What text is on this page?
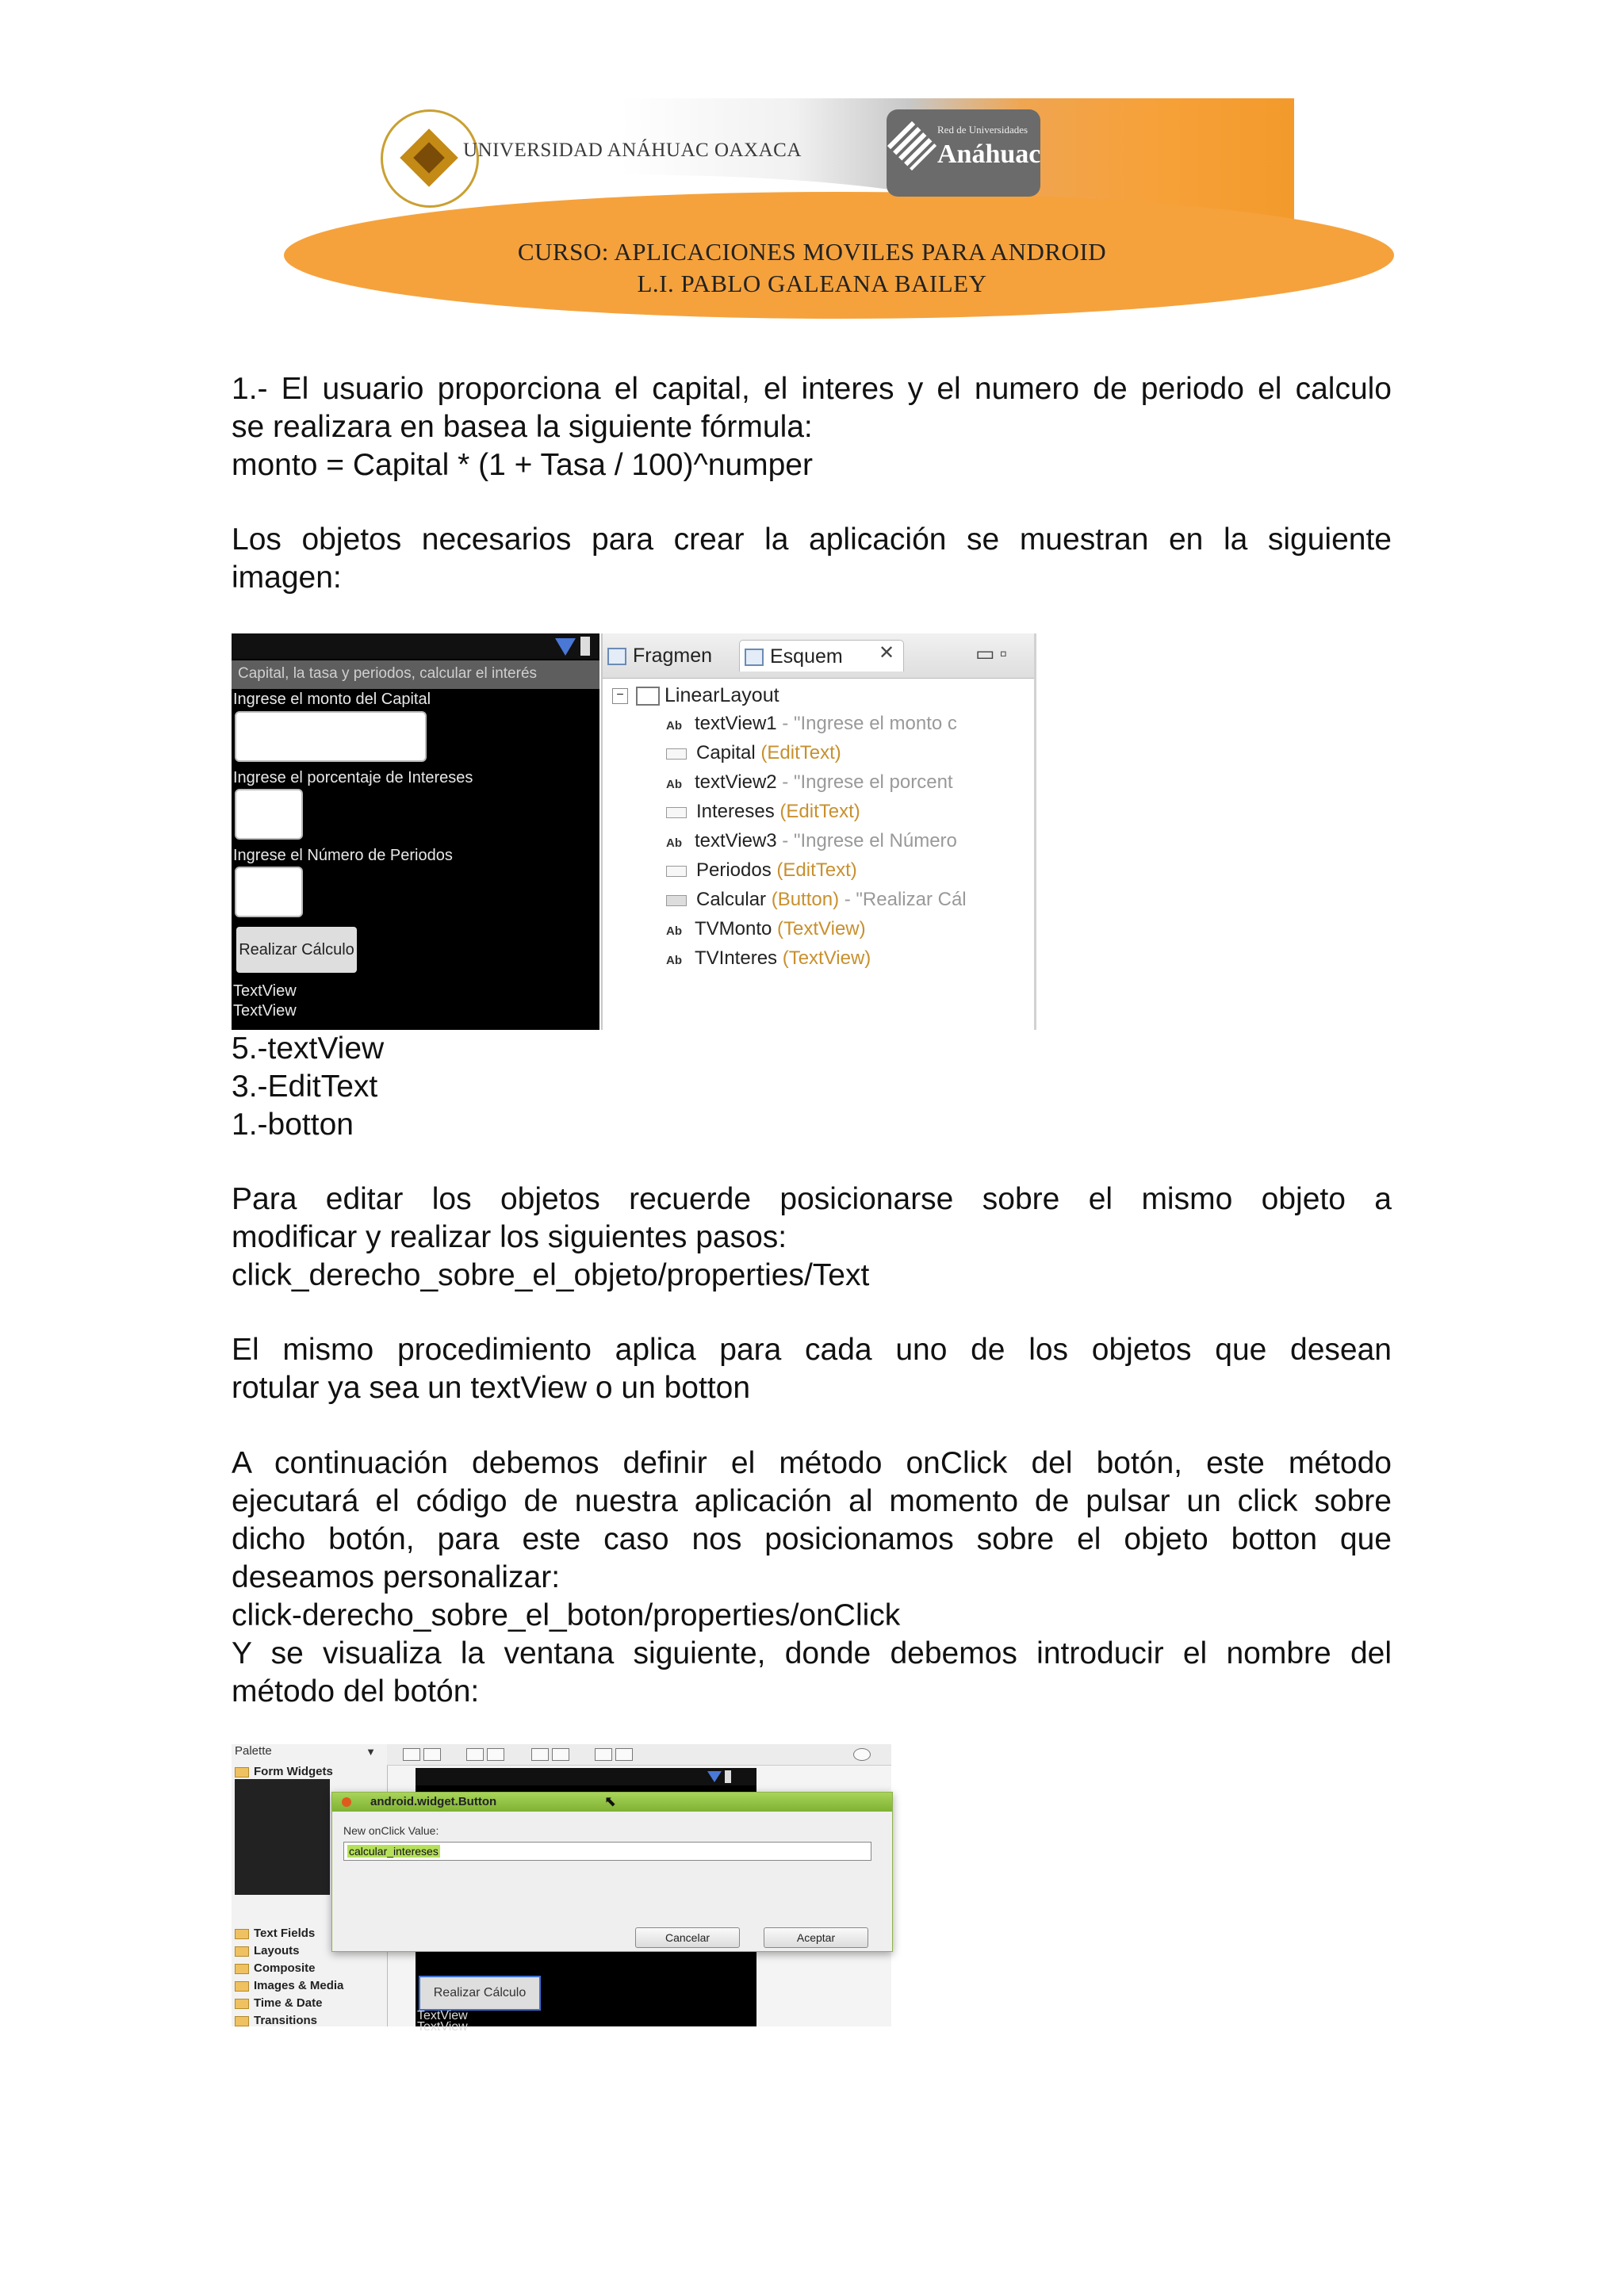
UNIVERSIDAD ANÁHUAC OAXACA
Red de Universidades
Anáhuac
CURSO: APLICACIONES MOVILES PARA ANDROID
L.I. PABLO GALEANA BAILEY
1.- El usuario proporciona el capital, el interes y el numero de periodo el calculo
se realizara en basea la siguiente fórmula:
monto = Capital * (1 + Tasa / 100)^numper
Los objetos necesarios para crear la aplicación se muestran en la siguiente
imagen:
Capital, la tasa y periodos, calcular el interés
Ingrese el monto del Capital
Ingrese el porcentaje de Intereses
Ingrese el Número de Periodos
Realizar Cálculo
TextView
TextView
Fragmen	Esquem	✕	▭▫
− LinearLayout
Ab textView1 - "Ingrese el monto c
Capital (EditText)
Ab textView2 - "Ingrese el porcent
Intereses (EditText)
Ab textView3 - "Ingrese el Número
Periodos (EditText)
Calcular (Button) - "Realizar Cál
Ab TVMonto (TextView)
Ab TVInteres (TextView)
5.-textView
3.-EditText
1.-botton
Para editar los objetos recuerde posicionarse sobre el mismo objeto a
modificar y realizar los siguientes pasos:
click_derecho_sobre_el_objeto/properties/Text
El mismo procedimiento aplica para cada uno de los objetos que desean
rotular ya sea un textView o un botton
A continuación debemos definir el método onClick del botón, este método
ejecutará el código de nuestra aplicación al momento de pulsar un click sobre
dicho botón, para este caso nos posicionamos sobre el objeto botton que
deseamos personalizar:
click-derecho_sobre_el_boton/properties/onClick
Y se visualiza la ventana siguiente, donde debemos introducir el nombre del
método del botón:
Palette	▼
Form Widgets
Text Fields
Layouts
Composite
Images & Media
Time & Date
Transitions
Realizar Cálculo
TextView
TextView
android.widget.Button
New onClick Value:
calcular_intereses
Cancelar	Aceptar
⬉
